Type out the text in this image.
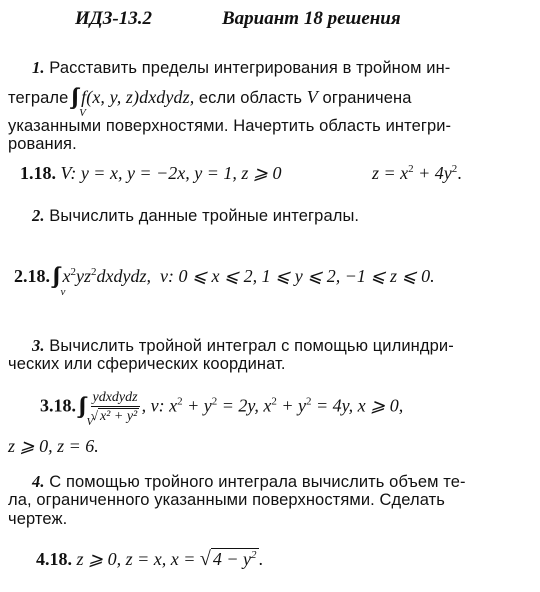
ИДЗ-13.2	Вариант 18 решения
1. Расставить пределы интегрирования в тройном ин-
теграле
V
f(x, y, z)dxdydz, если область V ограничена
указанными поверхностями. Начертить область интегри-
рования.
1.18. V: y = x, y = −2x, y = 1, z ⩾ 0	$z = x^2 + 4y^2$.
2. Вычислить данные тройные интегралы.
2.18.
v
$x^2yz^2dxdydz$, v: 0 ⩽ x ⩽ 2, 1 ⩽ y ⩽ 2, −1 ⩽ z ⩽ 0.
3. Вычислить тройной интеграл с помощью цилиндри-
ческих или сферических координат.
3.18.
V
$\frac{\text{ydxdydz}}{\text{√ x² + y²}}$ , v: $x^2 + y^2 = 2y$, $x^2 + y^2 = 4y$, x ⩾ 0,
z ⩾ 0, z = 6.
4. С помощью тройного интеграла вычислить объем те-
ла, ограниченного указанными поверхностями. Сделать
чертеж.
4.18. z ⩾ 0, z = x, x = √ $4 - y^2$ .
